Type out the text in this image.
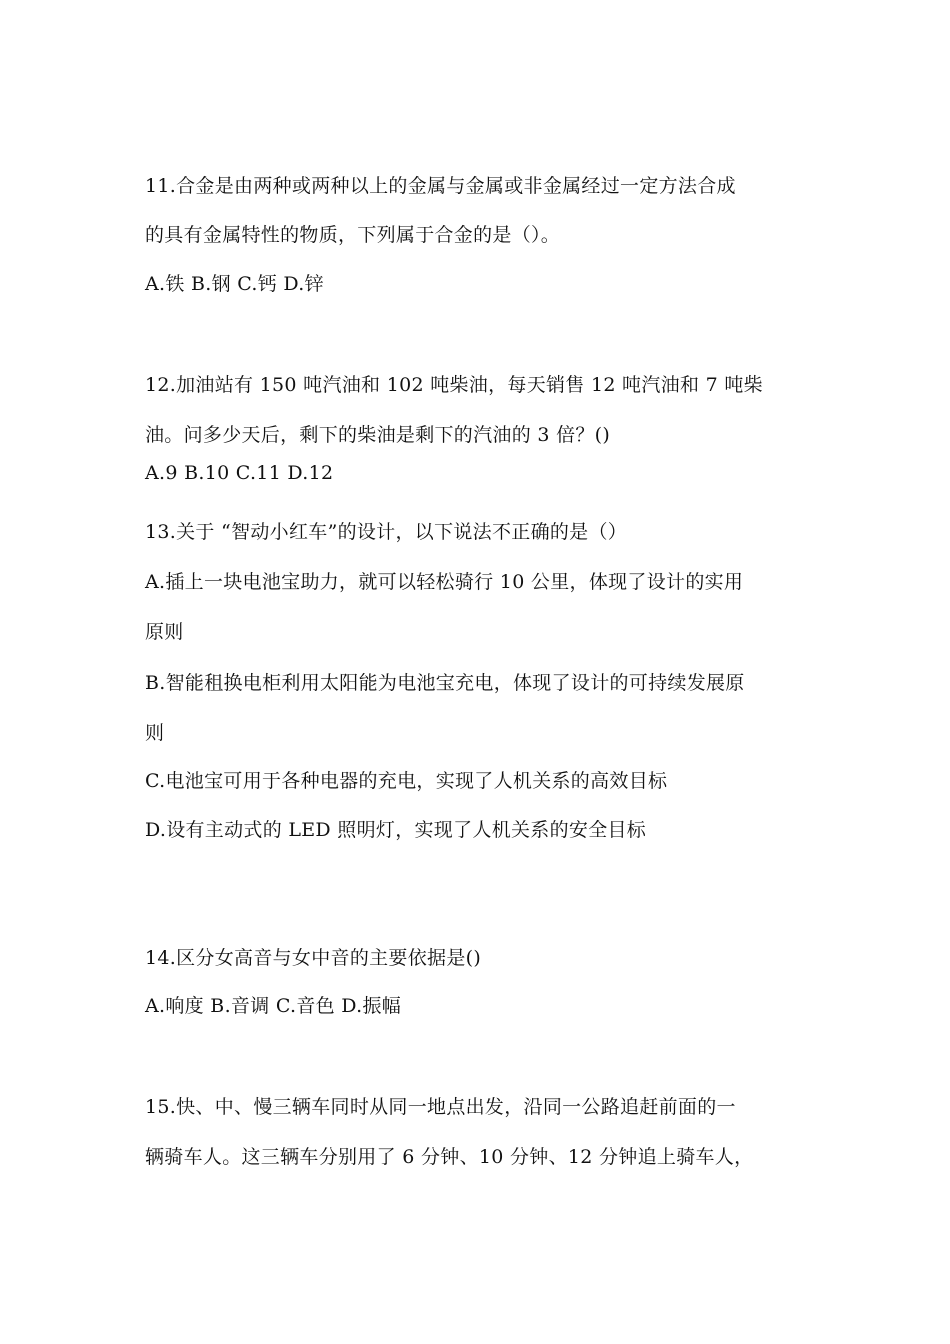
11.合金是由两种或两种以上的金属与金属或非金属经过一定方法合成
的具有金属特性的物质，下列属于合金的是（）。
A.铁 B.钢 C.钙 D.锌
12.加油站有 150 吨汽油和 102 吨柴油，每天销售 12 吨汽油和 7 吨柴
油。问多少天后，剩下的柴油是剩下的汽油的 3 倍？()
A.9 B.10 C.11 D.12
13.关于 “智动小红车”的设计，以下说法不正确的是（）
A.插上一块电池宝助力，就可以轻松骑行 10 公里，体现了设计的实用
原则
B.智能租换电柜利用太阳能为电池宝充电，体现了设计的可持续发展原
则
C.电池宝可用于各种电器的充电，实现了人机关系的高效目标
D.设有主动式的 LED 照明灯，实现了人机关系的安全目标
14.区分女高音与女中音的主要依据是()
A.响度 B.音调 C.音色 D.振幅
15.快、中、慢三辆车同时从同一地点出发，沿同一公路追赶前面的一
辆骑车人。这三辆车分别用了 6 分钟、10 分钟、12 分钟追上骑车人，
